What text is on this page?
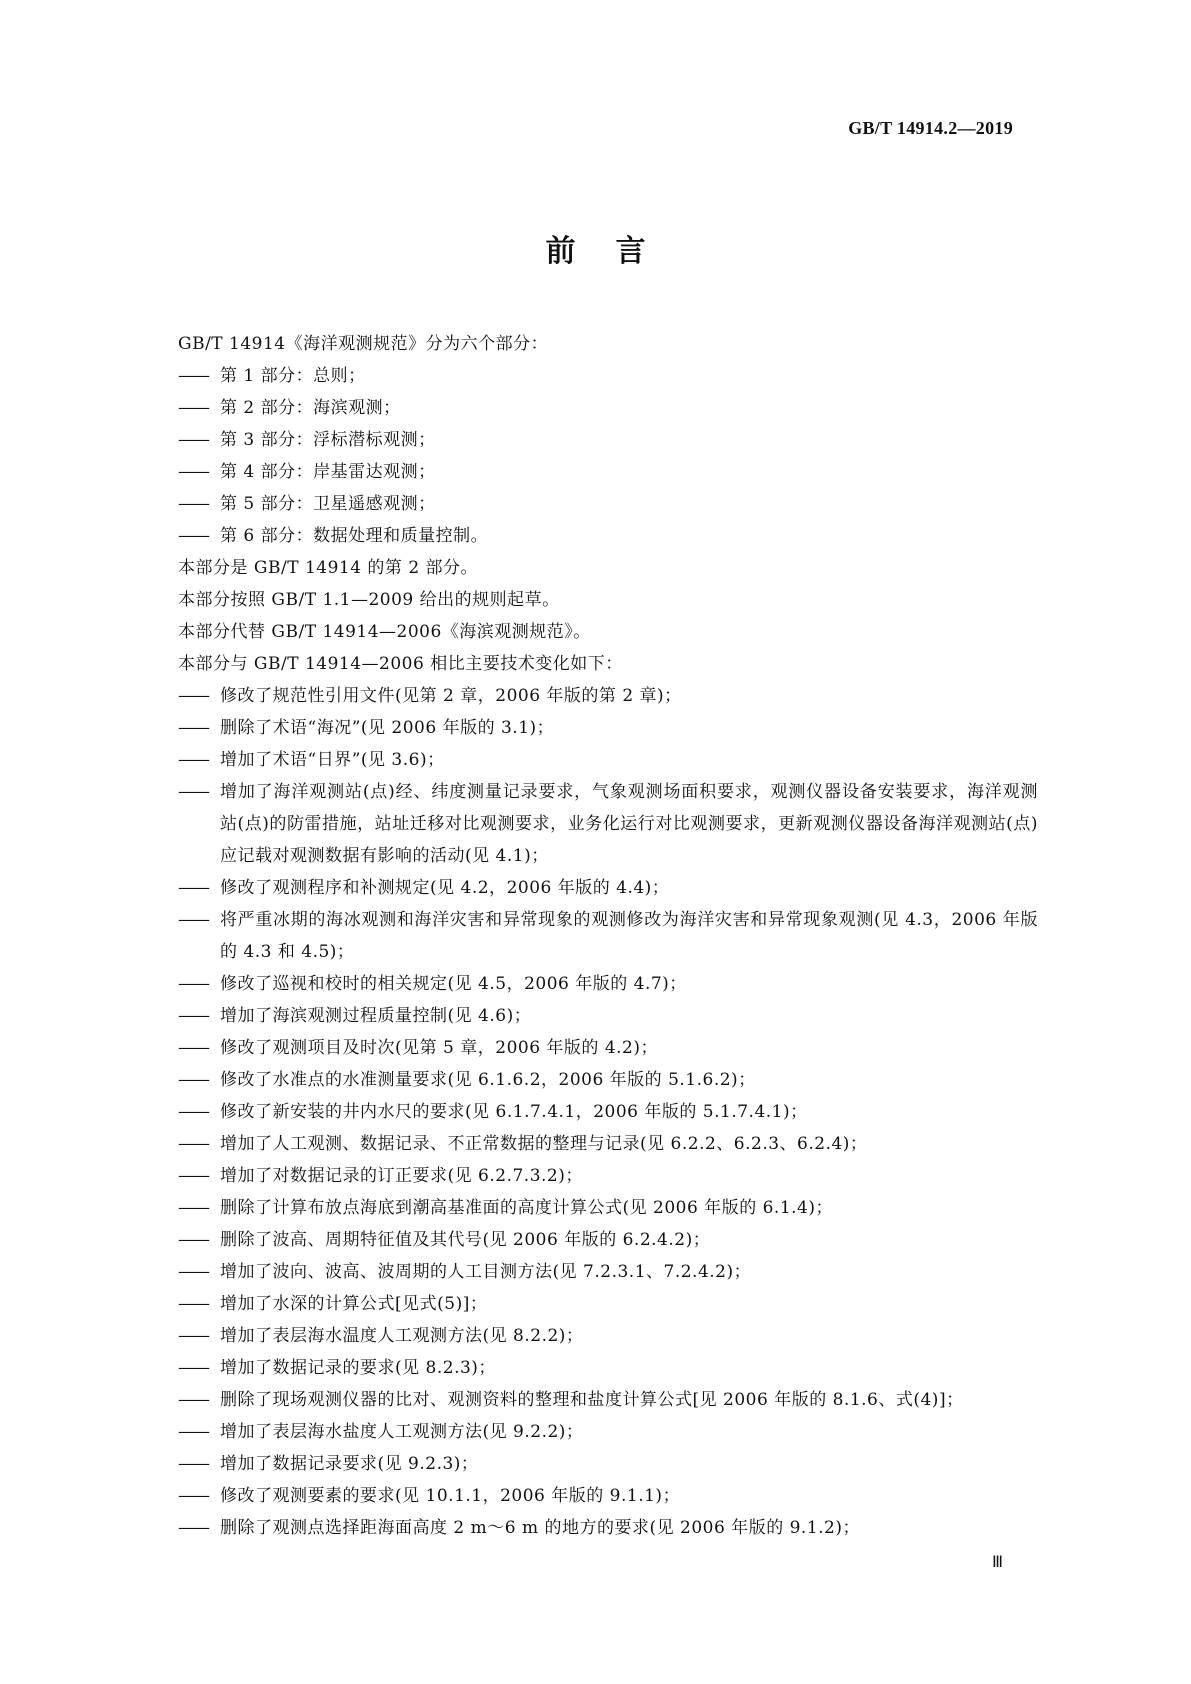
GB/T 14914.2—2019
前言
GB/T 14914《海洋观测规范》分为六个部分：
—— 第 1 部分：总则；
—— 第 2 部分：海滨观测；
—— 第 3 部分：浮标潜标观测；
—— 第 4 部分：岸基雷达观测；
—— 第 5 部分：卫星遥感观测；
—— 第 6 部分：数据处理和质量控制。
本部分是 GB/T 14914 的第 2 部分。
本部分按照 GB/T 1.1—2009 给出的规则起草。
本部分代替 GB/T 14914—2006《海滨观测规范》。
本部分与 GB/T 14914—2006 相比主要技术变化如下：
—— 修改了规范性引用文件(见第 2 章，2006 年版的第 2 章)；
—— 删除了术语“海况”(见 2006 年版的 3.1)；
—— 增加了术语“日界”(见 3.6)；
—— 增加了海洋观测站(点)经、纬度测量记录要求，气象观测场面积要求，观测仪器设备安装要求，海洋观测站(点)的防雷措施，站址迁移对比观测要求，业务化运行对比观测要求，更新观测仪器设备海洋观测站(点)应记载对观测数据有影响的活动(见 4.1)；
—— 修改了观测程序和补测规定(见 4.2，2006 年版的 4.4)；
—— 将严重冰期的海冰观测和海洋灾害和异常现象的观测修改为海洋灾害和异常现象观测(见 4.3，2006 年版的 4.3 和 4.5)；
—— 修改了巡视和校时的相关规定(见 4.5，2006 年版的 4.7)；
—— 增加了海滨观测过程质量控制(见 4.6)；
—— 修改了观测项目及时次(见第 5 章，2006 年版的 4.2)；
—— 修改了水准点的水准测量要求(见 6.1.6.2，2006 年版的 5.1.6.2)；
—— 修改了新安装的井内水尺的要求(见 6.1.7.4.1，2006 年版的 5.1.7.4.1)；
—— 增加了人工观测、数据记录、不正常数据的整理与记录(见 6.2.2、6.2.3、6.2.4)；
—— 增加了对数据记录的订正要求(见 6.2.7.3.2)；
—— 删除了计算布放点海底到潮高基准面的高度计算公式(见 2006 年版的 6.1.4)；
—— 删除了波高、周期特征值及其代号(见 2006 年版的 6.2.4.2)；
—— 增加了波向、波高、波周期的人工目测方法(见 7.2.3.1、7.2.4.2)；
—— 增加了水深的计算公式[见式(5)]；
—— 增加了表层海水温度人工观测方法(见 8.2.2)；
—— 增加了数据记录的要求(见 8.2.3)；
—— 删除了现场观测仪器的比对、观测资料的整理和盐度计算公式[见 2006 年版的 8.1.6、式(4)]；
—— 增加了表层海水盐度人工观测方法(见 9.2.2)；
—— 增加了数据记录要求(见 9.2.3)；
—— 修改了观测要素的要求(见 10.1.1，2006 年版的 9.1.1)；
—— 删除了观测点选择距海面高度 2 m～6 m 的地方的要求(见 2006 年版的 9.1.2)；
Ⅲ
